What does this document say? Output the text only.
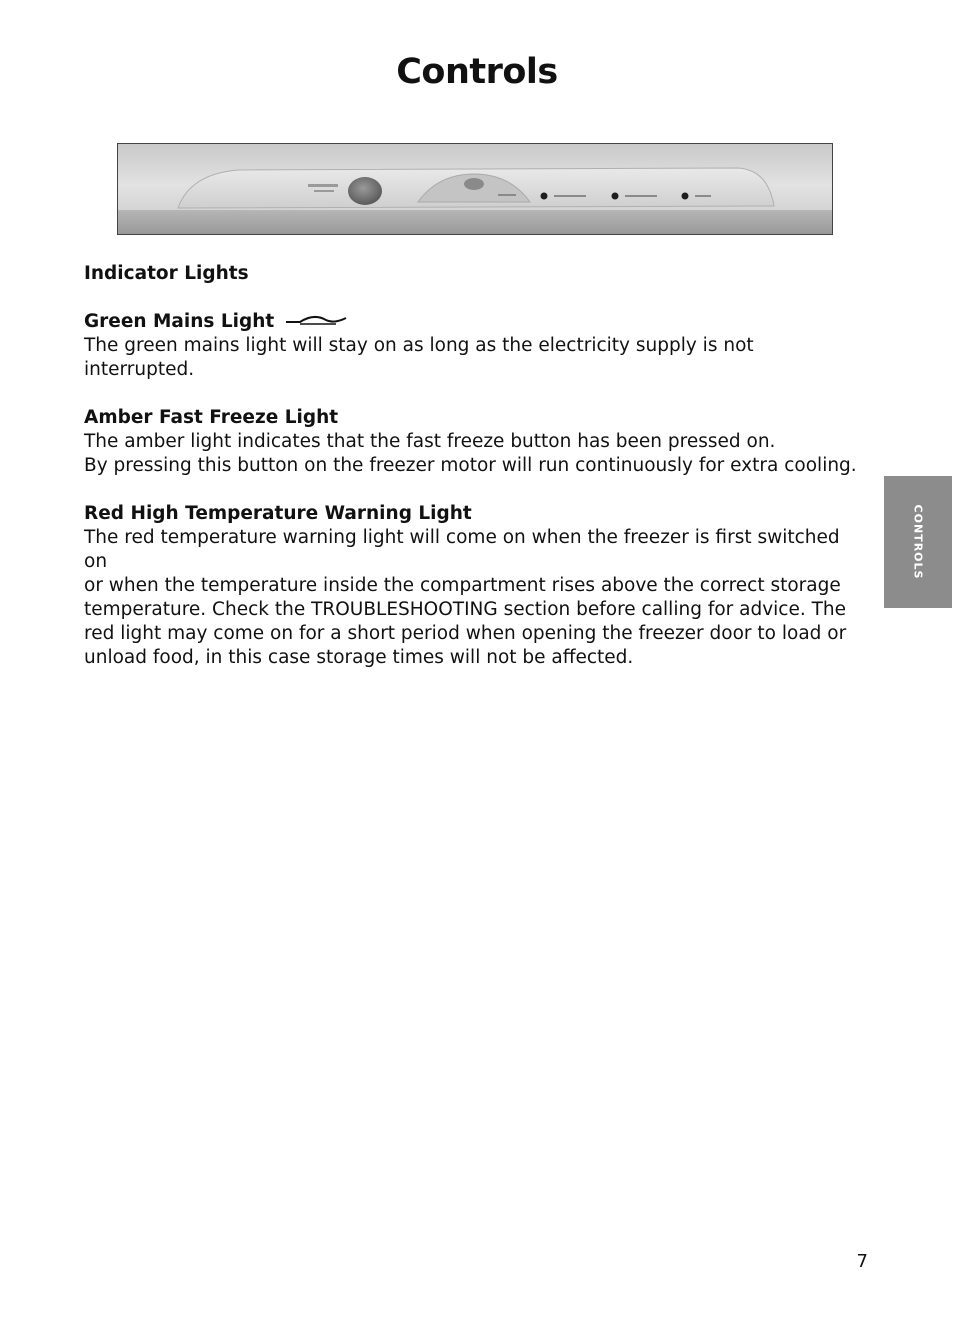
Controls
Indicator Lights
Green Mains Light

The green mains light will stay on as long as the electricity supply is not interrupted.

Amber Fast Freeze Light

The amber light indicates that the fast freeze button has been pressed on.

By pressing this button on the freezer motor will run continuously for extra cooling.

Red High Temperature Warning Light

The red temperature warning light will come on when the freezer is first switched on

or when the temperature inside the compartment rises above the correct storage

temperature. Check the TROUBLESHOOTING section before calling for advice. The

red light may come on for a short period when opening the freezer door to load or

unload food, in this case storage times will not be affected.

CONTROLS
7
